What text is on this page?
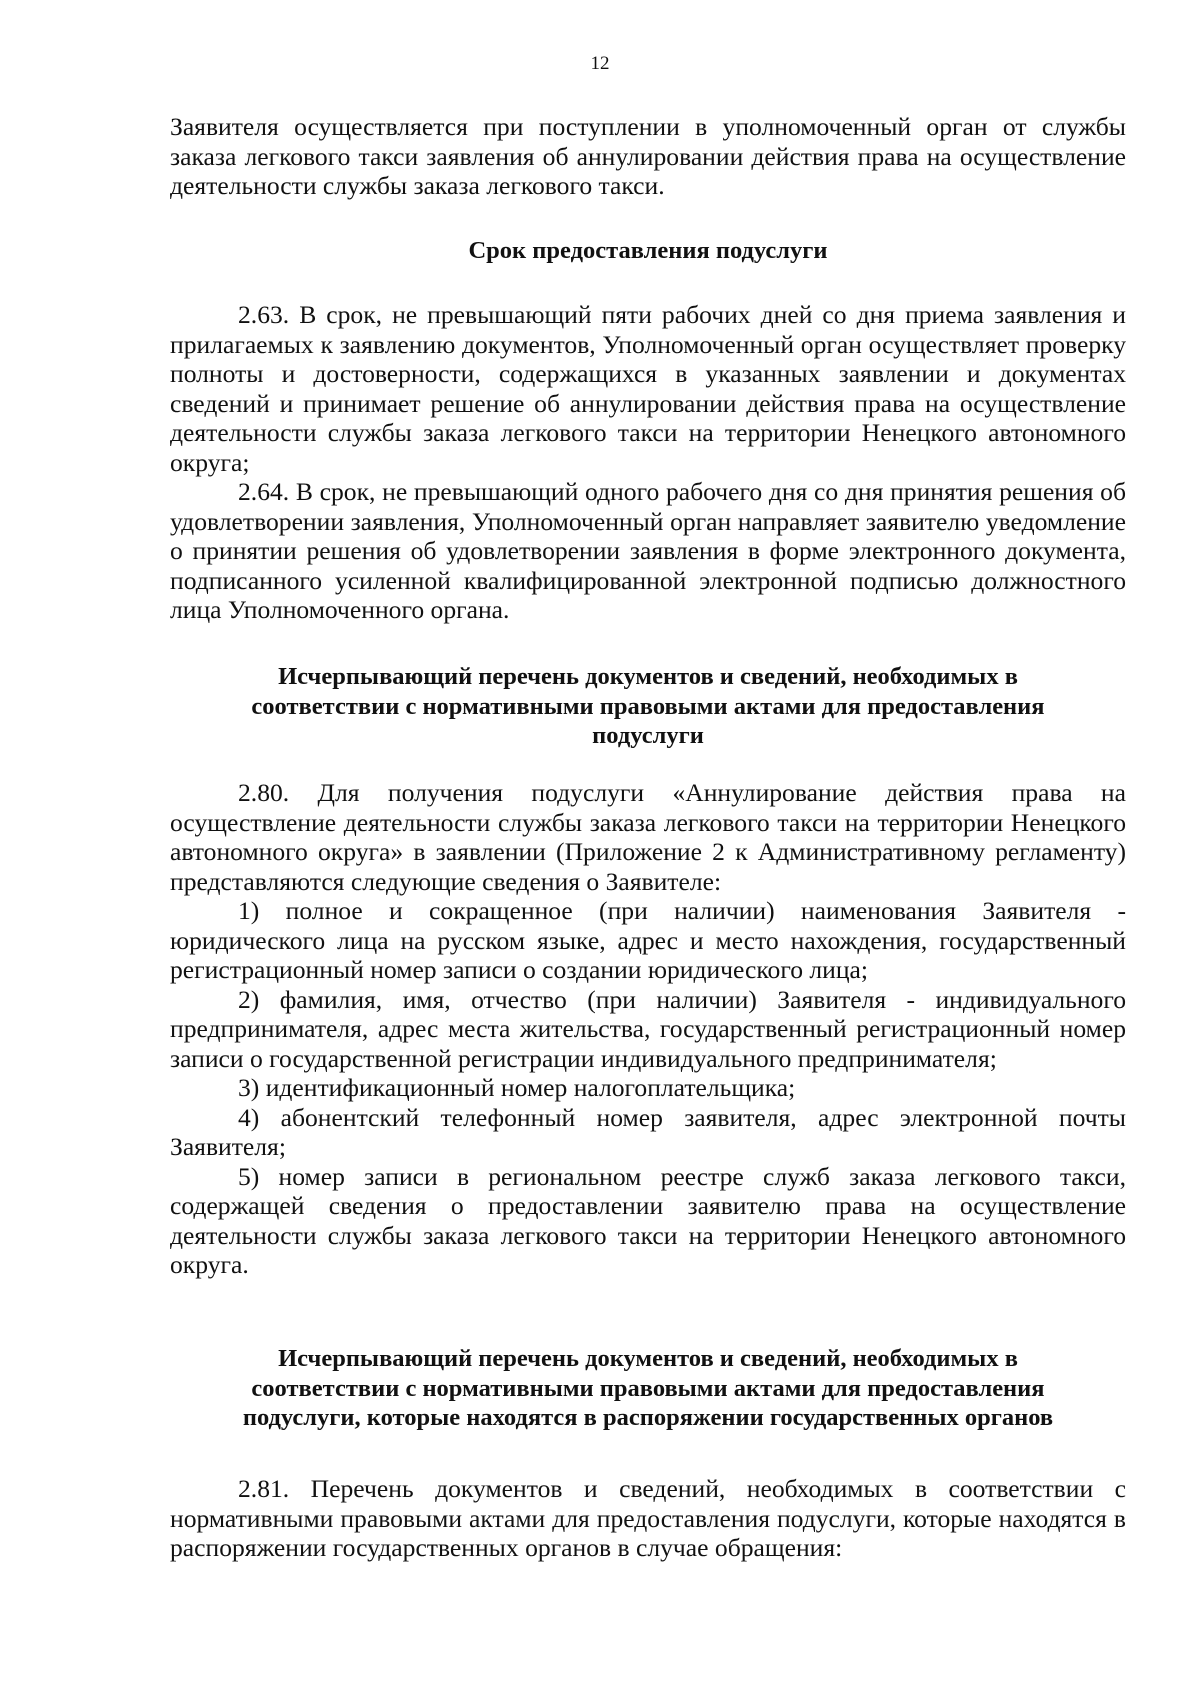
12

Заявителя осуществляется при поступлении в уполномоченный орган от службы заказа легкового такси заявления об аннулировании действия права на осуществление деятельности службы заказа легкового такси.

Срок предоставления подуслуги

2.63. В срок, не превышающий пяти рабочих дней со дня приема заявления и прилагаемых к заявлению документов, Уполномоченный орган осуществляет проверку полноты и достоверности, содержащихся в указанных заявлении и документах сведений и принимает решение об аннулировании действия права на осуществление деятельности службы заказа легкового такси на территории Ненецкого автономного округа;

2.64. В срок, не превышающий одного рабочего дня со дня принятия решения об удовлетворении заявления, Уполномоченный орган направляет заявителю уведомление о принятии решения об удовлетворении заявления в форме электронного документа, подписанного усиленной квалифицированной электронной подписью должностного лица Уполномоченного органа.

Исчерпывающий перечень документов и сведений, необходимых в соответствии с нормативными правовыми актами для предоставления подуслуги

2.80. Для получения подуслуги «Аннулирование действия права на осуществление деятельности службы заказа легкового такси на территории Ненецкого автономного округа» в заявлении (Приложение 2 к Административному регламенту) представляются следующие сведения о Заявителе:

1) полное и сокращенное (при наличии) наименования Заявителя - юридического лица на русском языке, адрес и место нахождения, государственный регистрационный номер записи о создании юридического лица;

2) фамилия, имя, отчество (при наличии) Заявителя - индивидуального предпринимателя, адрес места жительства, государственный регистрационный номер записи о государственной регистрации индивидуального предпринимателя;

3) идентификационный номер налогоплательщика;

4) абонентский телефонный номер заявителя, адрес электронной почты Заявителя;

5) номер записи в региональном реестре служб заказа легкового такси, содержащей сведения о предоставлении заявителю права на осуществление деятельности службы заказа легкового такси на территории Ненецкого автономного округа.

Исчерпывающий перечень документов и сведений, необходимых в соответствии с нормативными правовыми актами для предоставления подуслуги, которые находятся в распоряжении государственных органов

2.81. Перечень документов и сведений, необходимых в соответствии с нормативными правовыми актами для предоставления подуслуги, которые находятся в распоряжении государственных органов в случае обращения:
